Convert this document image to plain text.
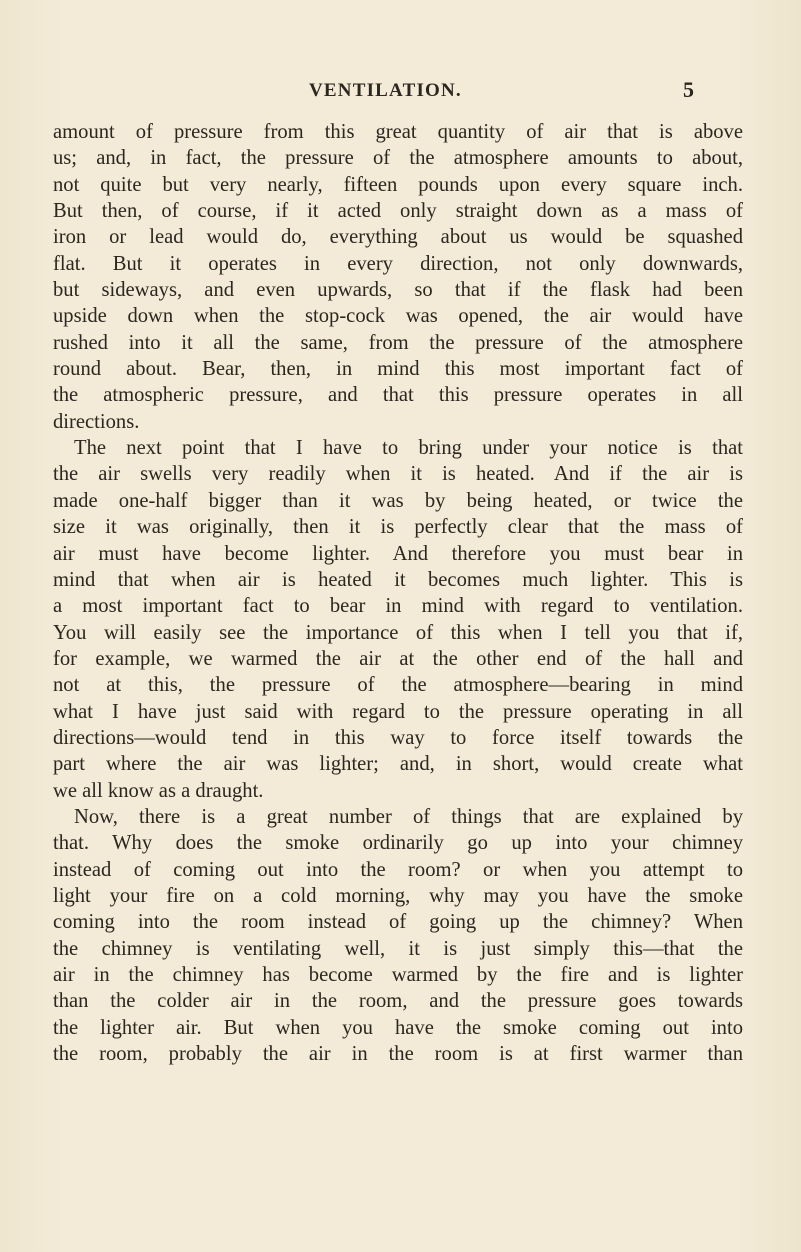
VENTILATION.	5
amount of pressure from this great quantity of air that is above
us; and, in fact, the pressure of the atmosphere amounts to about,
not quite but very nearly, fifteen pounds upon every square inch.
But then, of course, if it acted only straight down as a mass of
iron or lead would do, everything about us would be squashed
flat. But it operates in every direction, not only downwards,
but sideways, and even upwards, so that if the flask had been
upside down when the stop-cock was opened, the air would have
rushed into it all the same, from the pressure of the atmosphere
round about. Bear, then, in mind this most important fact of
the atmospheric pressure, and that this pressure operates in all
directions.
The next point that I have to bring under your notice is that
the air swells very readily when it is heated. And if the air is
made one-half bigger than it was by being heated, or twice the
size it was originally, then it is perfectly clear that the mass of
air must have become lighter. And therefore you must bear in
mind that when air is heated it becomes much lighter. This is
a most important fact to bear in mind with regard to ventilation.
You will easily see the importance of this when I tell you that if,
for example, we warmed the air at the other end of the hall and
not at this, the pressure of the atmosphere—bearing in mind
what I have just said with regard to the pressure operating in all
directions—would tend in this way to force itself towards the
part where the air was lighter; and, in short, would create what
we all know as a draught.
Now, there is a great number of things that are explained by
that. Why does the smoke ordinarily go up into your chimney
instead of coming out into the room? or when you attempt to
light your fire on a cold morning, why may you have the smoke
coming into the room instead of going up the chimney? When
the chimney is ventilating well, it is just simply this—that the
air in the chimney has become warmed by the fire and is lighter
than the colder air in the room, and the pressure goes towards
the lighter air. But when you have the smoke coming out into
the room, probably the air in the room is at first warmer than
